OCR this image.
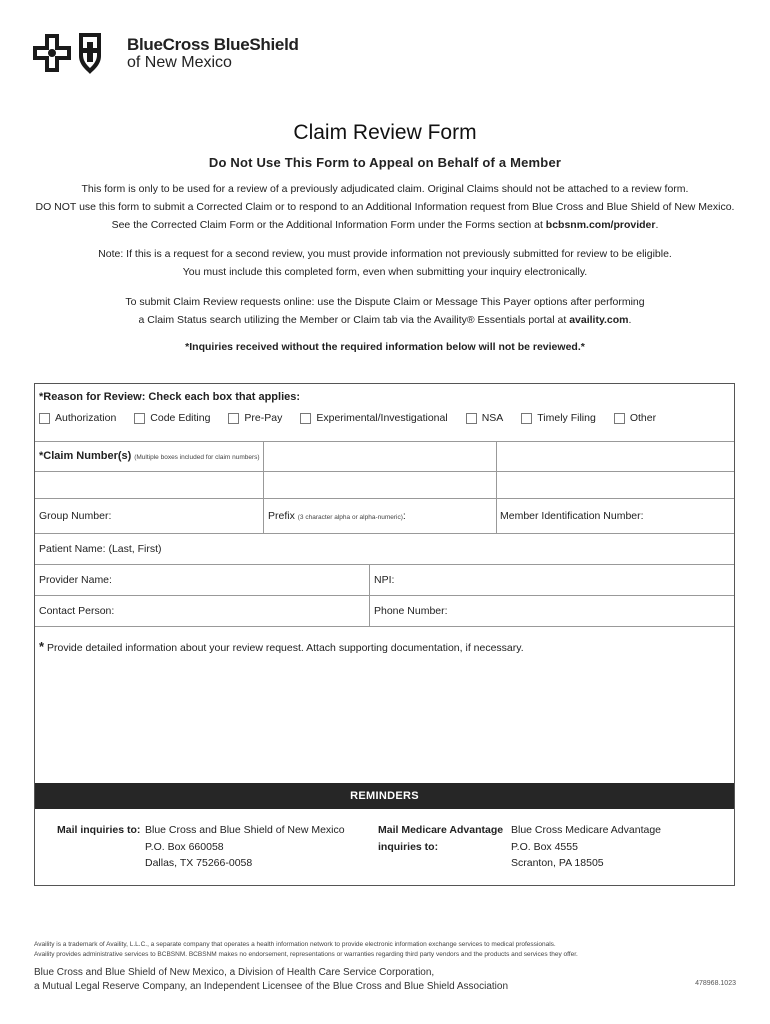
BlueCross BlueShield
of New Mexico
Claim Review Form
Do Not Use This Form to Appeal on Behalf of a Member
This form is only to be used for a review of a previously adjudicated claim. Original Claims should not be attached to a review form.
DO NOT use this form to submit a Corrected Claim or to respond to an Additional Information request from Blue Cross and Blue Shield of New Mexico.
See the Corrected Claim Form or the Additional Information Form under the Forms section at bcbsnm.com/provider.
Note: If this is a request for a second review, you must provide information not previously submitted for review to be eligible.
You must include this completed form, even when submitting your inquiry electronically.
To submit Claim Review requests online: use the Dispute Claim or Message This Payer options after performing
a Claim Status search utilizing the Member or Claim tab via the Availity® Essentials portal at availity.com.
*Inquiries received without the required information below will not be reviewed.*
*Reason for Review: Check each box that applies:
Authorization	Code Editing	Pre-Pay	Experimental/Investigational	NSA	Timely Filing	Other
*Claim Number(s) (Multiple boxes included for claim numbers)
Group Number:	Prefix (3 character alpha or alpha-numeric):	Member Identification Number:
Patient Name: (Last, First)
Provider Name:	NPI:
Contact Person:	Phone Number:
* Provide detailed information about your review request. Attach supporting documentation, if necessary.
REMINDERS
Mail inquiries to: Blue Cross and Blue Shield of New Mexico
P.O. Box 660058
Dallas, TX 75266-0058
Mail Medicare Advantage
inquiries to:
Blue Cross Medicare Advantage
P.O. Box 4555
Scranton, PA 18505
Availity is a trademark of Availity, L.L.C., a separate company that operates a health information network to provide electronic information exchange services to medical professionals.
Availity provides administrative services to BCBSNM. BCBSNM makes no endorsement, representations or warranties regarding third party vendors and the products and services they offer.
Blue Cross and Blue Shield of New Mexico, a Division of Health Care Service Corporation,
a Mutual Legal Reserve Company, an Independent Licensee of the Blue Cross and Blue Shield Association	478968.1023
